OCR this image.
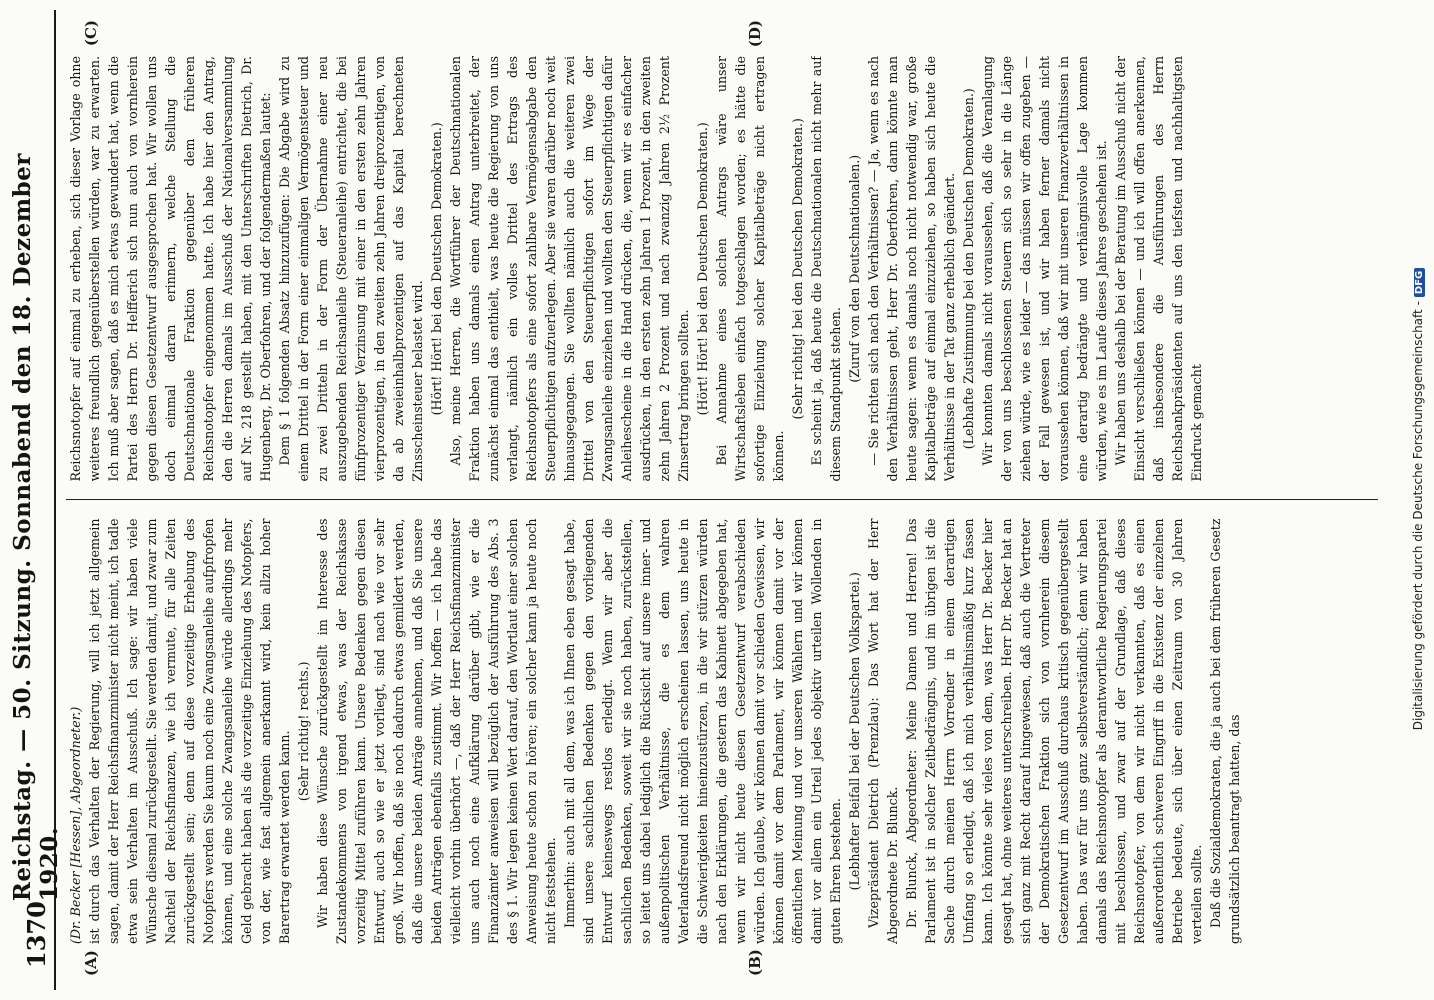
1370
Reichstag. — 50. Sitzung. Sonnabend den 18. Dezember 1920.
(A)	(B)
(C)	(D)

(Dr. Becker [Hessen], Abgeordneter.) ist durch das Verhalten der Regierung, will ich jetzt allgemein sagen, damit der Herr Reichsfinanzminister nicht meint, ich tadle etwa sein Verhalten im Ausschuß. Ich sage: wir haben viele Wünsche diesmal zurückgestellt. Sie werden damit, und zwar zum Nachteil der Reichsfinanzen, wie ich vermute, für alle Zeiten zurückgestellt sein; denn auf diese vorzeitige Erhebung des Notopfers werden Sie kaum noch eine Zwangsanleihe aufpfropfen können, und eine solche Zwangsanleihe würde allerdings mehr Geld gebracht haben als die vorzeitige Einziehung des Notopfers, von der, wie fast allgemein anerkannt wird, kein allzu hoher Barertrag erwartet werden kann. (Sehr richtig! rechts.) Wir haben diese Wünsche zurückgestellt im Interesse des Zustandekommens von irgend etwas, was der Reichskasse vorzeitig Mittel zuführen kann. Unsere Bedenken gegen diesen Entwurf, auch so wie er jetzt vorliegt, sind nach wie vor sehr groß. Wir hoffen, daß sie noch dadurch etwas gemildert werden, daß die unsere beiden Anträge annehmen, und daß Sie unsere beiden Anträgen ebenfalls zustimmt. Wir hoffen — ich habe das vielleicht vorhin überhört —, daß der Herr Reichsfinanzminister uns auch noch eine Aufklärung darüber gibt, wie er die Finanzämter anweisen will bezüglich der Ausführung des Abs. 3 des § 1. Wir legen keinen Wert darauf, den Wortlaut einer solchen Anweisung heute schon zu hören; ein solcher kann ja heute noch nicht feststehen. Immerhin: auch mit all dem, was ich Ihnen eben gesagt habe, sind unsere sachlichen Bedenken gegen den vorliegenden Entwurf keineswegs restlos erledigt. Wenn wir aber die sachlichen Bedenken, soweit wir sie noch haben, zurückstellen, so leitet uns dabei lediglich die Rücksicht auf unsere inner- und außenpolitischen Verhältnisse, die es dem wahren Vaterlandsfreund nicht möglich erscheinen lassen, uns heute in die Schwierigkeiten hineinzustürzen, in die wir stürzen würden nach den Erklärungen, die gestern das Kabinett abgegeben hat, wenn wir nicht heute diesen Gesetzentwurf verabschieden würden. Ich glaube, wir können damit vor schieden Gewissen, wir können damit vor dem Parlament, wir können damit vor der öffentlichen Meinung und vor unseren Wählern und wir können damit vor allem ein Urteil jedes objektiv urteilen Wollenden in guten Ehren bestehen. (Lebhafter Beifall bei der Deutschen Volkspartei.) Vizepräsident Dietrich (Prenzlau): Das Wort hat der Herr Abgeordnete Dr. Blunck. Dr. Blunck, Abgeordneter: Meine Damen und Herren! Das Parlament ist in solcher Zeitbedrängnis, und im übrigen ist die Sache durch meinen Herrn Vorredner in einem derartigen Umfang so erledigt, daß ich mich verhältnismäßig kurz fassen kann. Ich könnte sehr vieles von dem, was Herr Dr. Becker hier gesagt hat, ohne weiteres unterschreiben. Herr Dr. Becker hat an sich ganz mit Recht darauf hingewiesen, daß auch die Vertreter der Demokratischen Fraktion sich von vornherein diesem Gesetzentwurf im Ausschuß durchaus kritisch gegenübergestellt haben. Das war für uns ganz selbstverständlich; denn wir haben damals das Reichsnotopfer als derantwortliche Regierungspartei mit beschlossen, und zwar auf der Grundlage, daß dieses Reichsnotopfer, von dem wir nicht verkannten, daß es einen außerordentlich schweren Eingriff in die Existenz der einzelnen Betriebe bedeute, sich über einen Zeitraum von 30 Jahren verteilen sollte. Daß die Sozialdemokraten, die ja auch bei dem früheren Gesetz grundsätzlich beantragt hatten, das

Reichsnotopfer auf einmal zu erheben, sich dieser Vorlage ohne weiteres freundlich gegenüberstellen würden, war zu erwarten. Ich muß aber sagen, daß es mich etwas gewundert hat, wenn die Partei des Herrn Dr. Helfferich sich nun auch von vornherein gegen diesen Gesetzentwurf ausgesprochen hat. Wir wollen uns doch einmal daran erinnern, welche Stellung die Deutschnationale Fraktion gegenüber dem früheren Reichsnotopfer eingenommen hatte. Ich habe hier den Antrag, den die Herren damals im Ausschuß der Nationalversammlung auf Nr. 218 gestellt haben, mit den Unterschriften Dietrich, Dr. Hugenberg, Dr. Oberfohren, und der folgendermaßen lautet: Dem § 1 folgenden Absatz hinzuzufügen: Die Abgabe wird zu einem Drittel in der Form einer einmaligen Vermögensteuer und zu zwei Dritteln in der Form der Übernahme einer neu auszugebenden Reichsanleihe (Steueranleihe) entrichtet, die bei fünfprozentiger Verzinsung mit einer in den ersten zehn Jahren vierprozentigen, in den zweiten zehn Jahren dreiprozentigen, von da ab zweieinhalbprozentigen auf das Kapital berechneten Zinsscheinsteuer belastet wird. (Hört! Hört! bei den Deutschen Demokraten.) Also, meine Herren, die Wortführer der Deutschnationalen Fraktion haben uns damals einen Antrag unterbreitet, der zunächst einmal das enthielt, was heute die Regierung von uns verlangt, nämlich ein volles Drittel des Ertrags des Reichsnotopfers als eine sofort zahlbare Vermögensabgabe den Steuerpflichtigen aufzuerlegen. Aber sie waren darüber noch weit hinausgegangen. Sie wollten nämlich auch die weiteren zwei Drittel von den Steuerpflichtigen sofort im Wege der Zwangsanleihe einziehen und wollten den Steuerpflichtigen dafür Anleihescheine in die Hand drücken, die, wenn wir es einfacher ausdrücken, in den ersten zehn Jahren 1 Prozent, in den zweiten zehn Jahren 2 Prozent und nach zwanzig Jahren 2½ Prozent Zinsertrag bringen sollten. (Hört! Hört! bei den Deutschen Demokraten.) Bei Annahme eines solchen Antrags wäre unser Wirtschaftsleben einfach totgeschlagen worden; es hätte die sofortige Einziehung solcher Kapitalbeträge nicht ertragen können.

(Sehr richtig! bei den Deutschen Demokraten.) Es scheint ja, daß heute die Deutschnationalen nicht mehr auf diesem Standpunkt stehen.

(Zuruf von den Deutschnationalen.) — Sie richten sich nach den Verhältnissen? — Ja, wenn es nach den Verhältnissen geht, Herr Dr. Oberfohren, dann könnte man heute sagen: wenn es damals noch nicht notwendig war, große Kapitalbeträge auf einmal einzuziehen, so haben sich heute die Verhältnisse in der Tat ganz erheblich geändert. (Lebhafte Zustimmung bei den Deutschen Demokraten.) Wir konnten damals nicht voraussehen, daß die Veranlagung der von uns beschlossenen Steuern sich so sehr in die Länge ziehen würde, wie es leider — das müssen wir offen zugeben — der Fall gewesen ist, und wir haben ferner damals nicht voraussehen können, daß wir mit unseren Finanzverhältnissen in eine derartig bedrängte und verhängnisvolle Lage kommen würden, wie es im Laufe dieses Jahres geschehen ist. Wir haben uns deshalb bei der Beratung im Ausschuß nicht der Einsicht verschließen können — und ich will offen anerkennen, daß insbesondere die Ausführungen des Herrn Reichsbankpräsidenten auf uns den tiefsten und nachhaltigsten Eindruck gemacht	Digitalisierung gefördert durch die Deutsche Forschungsgemeinschaft -DFG
